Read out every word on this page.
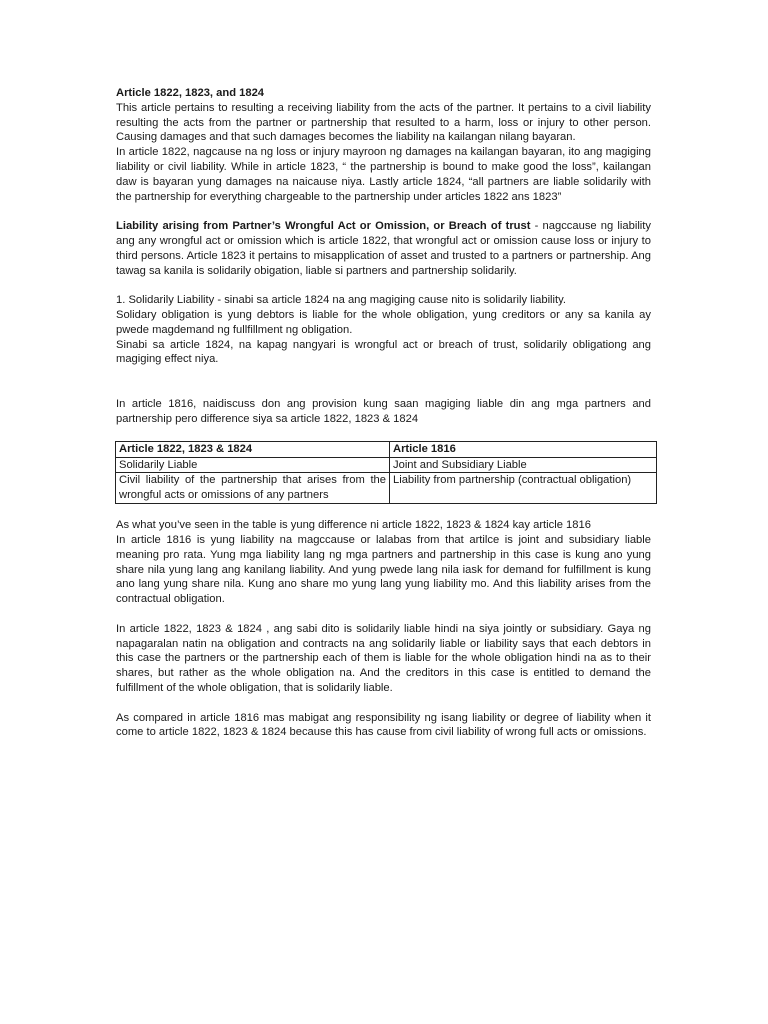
Article 1822, 1823, and 1824

This article pertains to resulting a receiving liability from the acts of the partner. It pertains to a civil liability resulting the acts from the partner or partnership that resulted to a harm, loss or injury to other person. Causing damages and that such damages becomes the liability na kailangan nilang bayaran.

In article 1822, nagcause na ng loss or injury mayroon ng damages na kailangan bayaran, ito ang magiging liability or civil liability. While in article 1823, “ the partnership is bound to make good the loss”, kailangan daw is bayaran yung damages na naicause niya. Lastly article 1824, “all partners are liable solidarily with the partnership for everything chargeable to the partnership under articles 1822 ans 1823”

Liability arising from Partner’s Wrongful Act or Omission, or Breach of trust - nagccause ng liability ang any wrongful act or omission which is article 1822, that wrongful act or omission cause loss or injury to third persons. Article 1823 it pertains to misapplication of asset and trusted to a partners or partnership. Ang tawag sa kanila is solidarily obigation, liable si partners and partnership solidarily.

1. Solidarily Liability - sinabi sa article 1824 na ang magiging cause nito is solidarily liability.

Solidary obligation is yung debtors is liable for the whole obligation, yung creditors or any sa kanila ay pwede magdemand ng fullfillment ng obligation.

Sinabi sa article 1824, na kapag nangyari is wrongful act or breach of trust, solidarily obligationg ang magiging effect niya.

In article 1816, naidiscuss don ang provision kung saan magiging liable din ang mga partners and partnership pero difference siya sa article 1822, 1823 & 1824

Article 1822, 1823 & 1824	Article 1816
Solidarily Liable	Joint and Subsidiary Liable
Civil liability of the partnership that arises from the wrongful acts or omissions of any partners	Liability from partnership (contractual obligation)

As what you’ve seen in the table is yung difference ni article 1822, 1823 & 1824 kay article 1816

In article 1816 is yung liability na magccause or lalabas from that artilce is joint and subsidiary liable meaning pro rata. Yung mga liability lang ng mga partners and partnership in this case is kung ano yung share nila yung lang ang kanilang liability. And yung pwede lang nila iask for demand for fulfillment is kung ano lang yung share nila. Kung ano share mo yung lang yung liability mo. And this liability arises from the contractual obligation.

In article 1822, 1823 & 1824 , ang sabi dito is solidarily liable hindi na siya jointly or subsidiary. Gaya ng napagaralan natin na obligation and contracts na ang solidarily liable or liability says that each debtors in this case the partners or the partnership each of them is liable for the whole obligation hindi na as to their shares, but rather as the whole obligation na. And the creditors in this case is entitled to demand the fulfillment of the whole obligation, that is solidarily liable.

As compared in article 1816 mas mabigat ang responsibility ng isang liability or degree of liability when it come to article 1822, 1823 & 1824 because this has cause from civil liability of wrong full acts or omissions.
